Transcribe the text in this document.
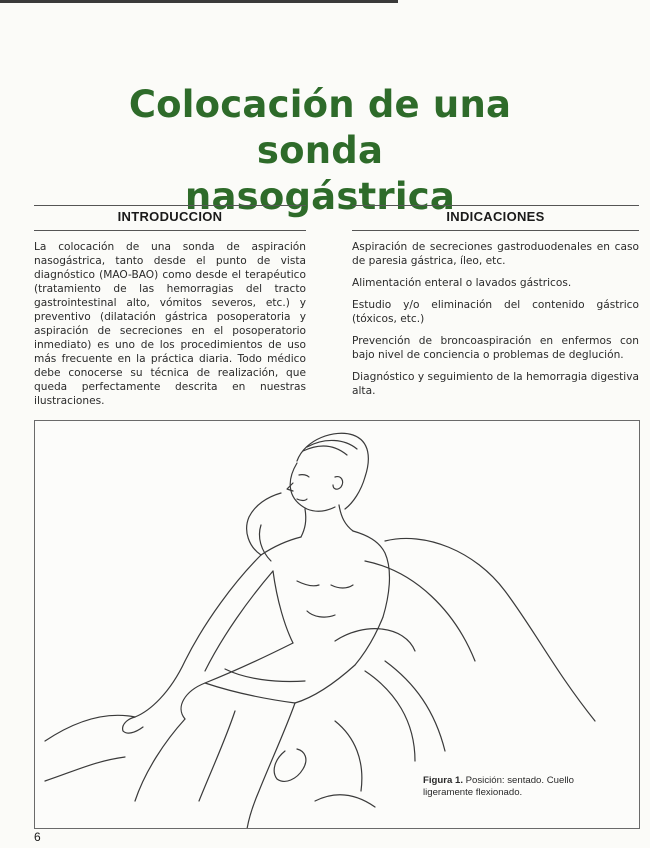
Colocación de una sonda
nasogástrica
INTRODUCCION

La colocación de una sonda de aspiración nasogástrica, tanto desde el punto de vista diagnóstico (MAO-BAO) como desde el terapéutico (tratamiento de las hemorragias del tracto gastrointestinal alto, vómitos severos, etc.) y preventivo (dilatación gástrica posoperatoria y aspiración de secreciones en el posoperatorio inmediato) es uno de los procedimientos de uso más frecuente en la práctica diaria. Todo médico debe conocerse su técnica de realización, que queda perfectamente descrita en nuestras ilustraciones.

INDICACIONES

Aspiración de secreciones gastroduodenales en caso de paresia gástrica, íleo, etc.

Alimentación enteral o lavados gástricos.

Estudio y/o eliminación del contenido gástrico (tóxicos, etc.)

Prevención de broncoaspiración en enfermos con bajo nivel de conciencia o problemas de deglución.

Diagnóstico y seguimiento de la hemorragia digestiva alta.

Figura 1. Posición: sentado. Cuello ligeramente flexionado.
6
